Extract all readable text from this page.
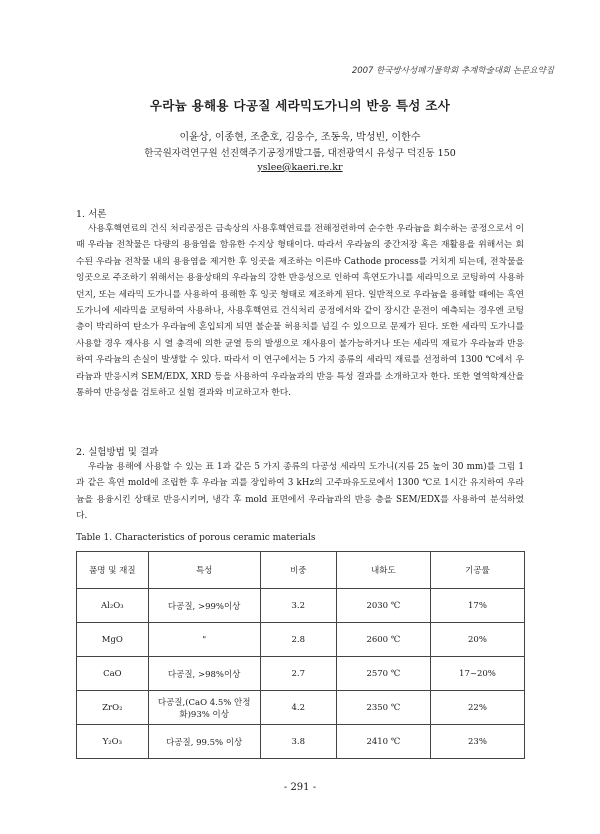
2007 한국방사성폐기물학회 추계학술대회 논문요약집
우라늄 용해용 다공질 세라믹도가니의 반응 특성 조사
이윤상, 이종현, 조춘호, 김응수, 조동욱, 박성빈, 이한수
한국원자력연구원 선진핵주기공정개발그룹, 대전광역시 유성구 덕진동 150
yslee@kaeri.re.kr
1. 서론

사용후핵연료의 건식 처리공정은 금속상의 사용후핵연료를 전해정련하여 순수한 우라늄을 회수하는 공정으로서 이때 우라늄 전착물은 다량의 용융염을 함유한 수지상 형태이다. 따라서 우라늄의 중간저장 혹은 재활용을 위해서는 회수된 우라늄 전착물 내의 용융염을 제거한 후 잉곳을 제조하는 이른바 Cathode process를 거치게 되는데, 전착물을 잉곳으로 주조하기 위해서는 용융상태의 우라늄의 강한 반응성으로 인하여 흑연도가니를 세라믹으로 코팅하여 사용하던지, 또는 세라믹 도가니를 사용하여 용해한 후 잉곳 형태로 제조하게 된다. 일반적으로 우라늄을 용해할 때에는 흑연도가니에 세라믹을 코팅하여 사용하나, 사용후핵연료 건식처리 공정에서와 같이 장시간 운전이 예측되는 경우엔 코팅 층이 박리하여 탄소가 우라늄에 혼입되게 되면 불순물 허용치를 넘길 수 있으므로 문제가 된다. 또한 세라믹 도가니를 사용할 경우 재사용 시 열 충격에 의한 균열 등의 발생으로 재사용이 불가능하거나 또는 세라믹 재료가 우라늄과 반응하여 우라늄의 손실이 발생할 수 있다. 따라서 이 연구에서는 5 가지 종류의 세라믹 재료를 선정하여 1300 ℃에서 우라늄과 반응시켜 SEM/EDX, XRD 등을 사용하여 우라늄과의 반응 특성 결과를 소개하고자 한다. 또한 열역학계산을 통하여 반응성을 검토하고 실험 결과와 비교하고자 한다.

2. 실험방법 및 결과

우라늄 용해에 사용할 수 있는 표 1과 같은 5 가지 종류의 다공성 세라믹 도가니(지름 25 높이 30 mm)를 그림 1과 같은 흑연 mold에 조립한 후 우라늄 괴를 장입하여 3 kHz의 고주파유도로에서 1300 ℃로 1시간 유지하여 우라늄을 용융시킨 상태로 반응시키며, 냉각 후 mold 표면에서 우라늄과의 반응 층을 SEM/EDX를 사용하여 분석하였다.

Table 1. Characteristics of porous ceramic materials
품명 및 재질	특성	비중	내화도	기공률
Al₂O₃	다공질, >99%이상	3.2	2030 ℃	17%
MgO	"	2.8	2600 ℃	20%
CaO	다공질, >98%이상	2.7	2570 ℃	17~20%
ZrO₂	다공질,(CaO 4.5% 안정화)93% 이상	4.2	2350 ℃	22%
Y₂O₃	다공질, 99.5% 이상	3.8	2410 ℃	23%
- 291 -
